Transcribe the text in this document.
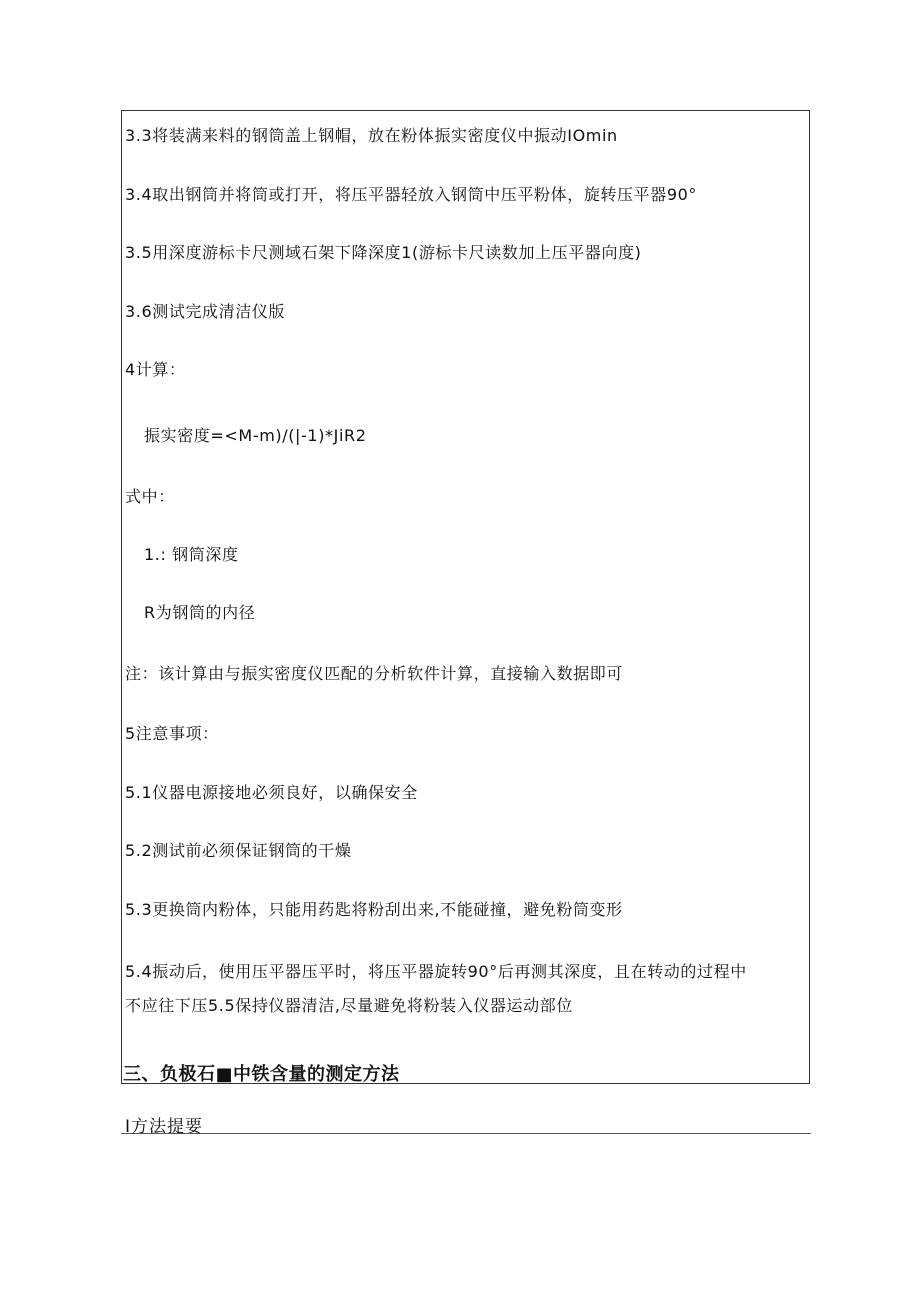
3.3将装满来料的钢筒盖上钢帽，放在粉体振实密度仪中振动IOmin
3.4取出钢筒并将筒或打开，将压平器轻放入钢筒中压平粉体，旋转压平器90°
3.5用深度游标卡尺测域石架下降深度1(游标卡尺读数加上压平器向度)
3.6测试完成清洁仪版
4计算：
振实密度=<M-m)/(|-1)*JiR2
式中：
1.: 钢筒深度
R为钢筒的内径
注：该计算由与振实密度仪匹配的分析软件计算，直接输入数据即可
5注意事项：
5.1仪器电源接地必须良好，以确保安全
5.2测试前必须保证钢筒的干燥
5.3更换筒内粉体，只能用药匙将粉刮出来,不能碰撞，避免粉筒变形
5.4振动后，使用压平器压平时，将压平器旋转90°后再测其深度，且在转动的过程中
不应往下压5.5保持仪器清洁,尽量避免将粉装入仪器运动部位
三、负极石■中铁含量的测定方法
I方法提要
